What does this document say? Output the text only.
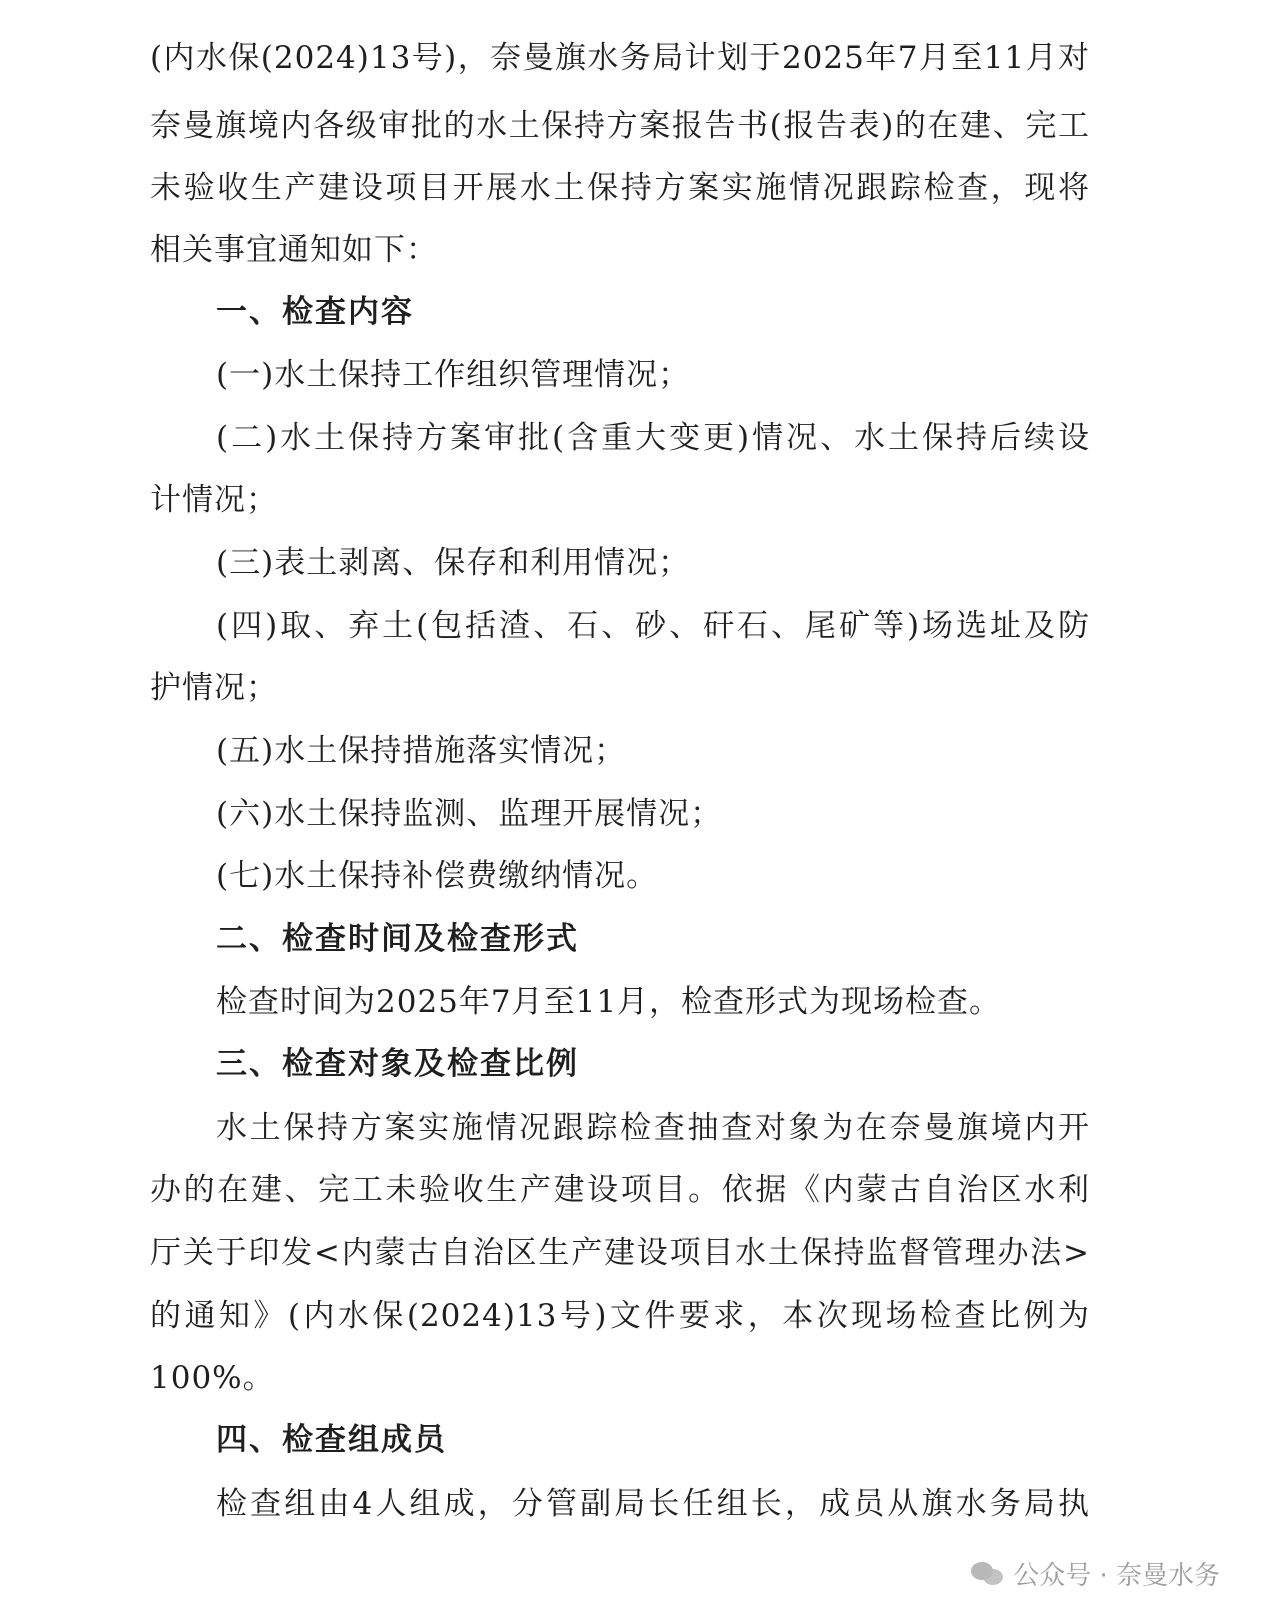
(内水保(2024)13号)，奈曼旗水务局计划于2025年7月至11月对
奈曼旗境内各级审批的水土保持方案报告书(报告表)的在建、完工
未验收生产建设项目开展水土保持方案实施情况跟踪检查，现将
相关事宜通知如下：
一、检查内容
(一)水土保持工作组织管理情况；
(二)水土保持方案审批(含重大变更)情况、水土保持后续设
计情况；
(三)表土剥离、保存和利用情况；
(四)取、弃土(包括渣、石、砂、矸石、尾矿等)场选址及防
护情况；
(五)水土保持措施落实情况；
(六)水土保持监测、监理开展情况；
(七)水土保持补偿费缴纳情况。
二、检查时间及检查形式
检查时间为2025年7月至11月，检查形式为现场检查。
三、检查对象及检查比例
水土保持方案实施情况跟踪检查抽查对象为在奈曼旗境内开
办的在建、完工未验收生产建设项目。依据《内蒙古自治区水利
厅关于印发<内蒙古自治区生产建设项目水土保持监督管理办法>
的通知》(内水保(2024)13号)文件要求，本次现场检查比例为
100%。
四、检查组成员
检查组由4人组成，分管副局长任组长，成员从旗水务局执
公众号 · 奈曼水务
